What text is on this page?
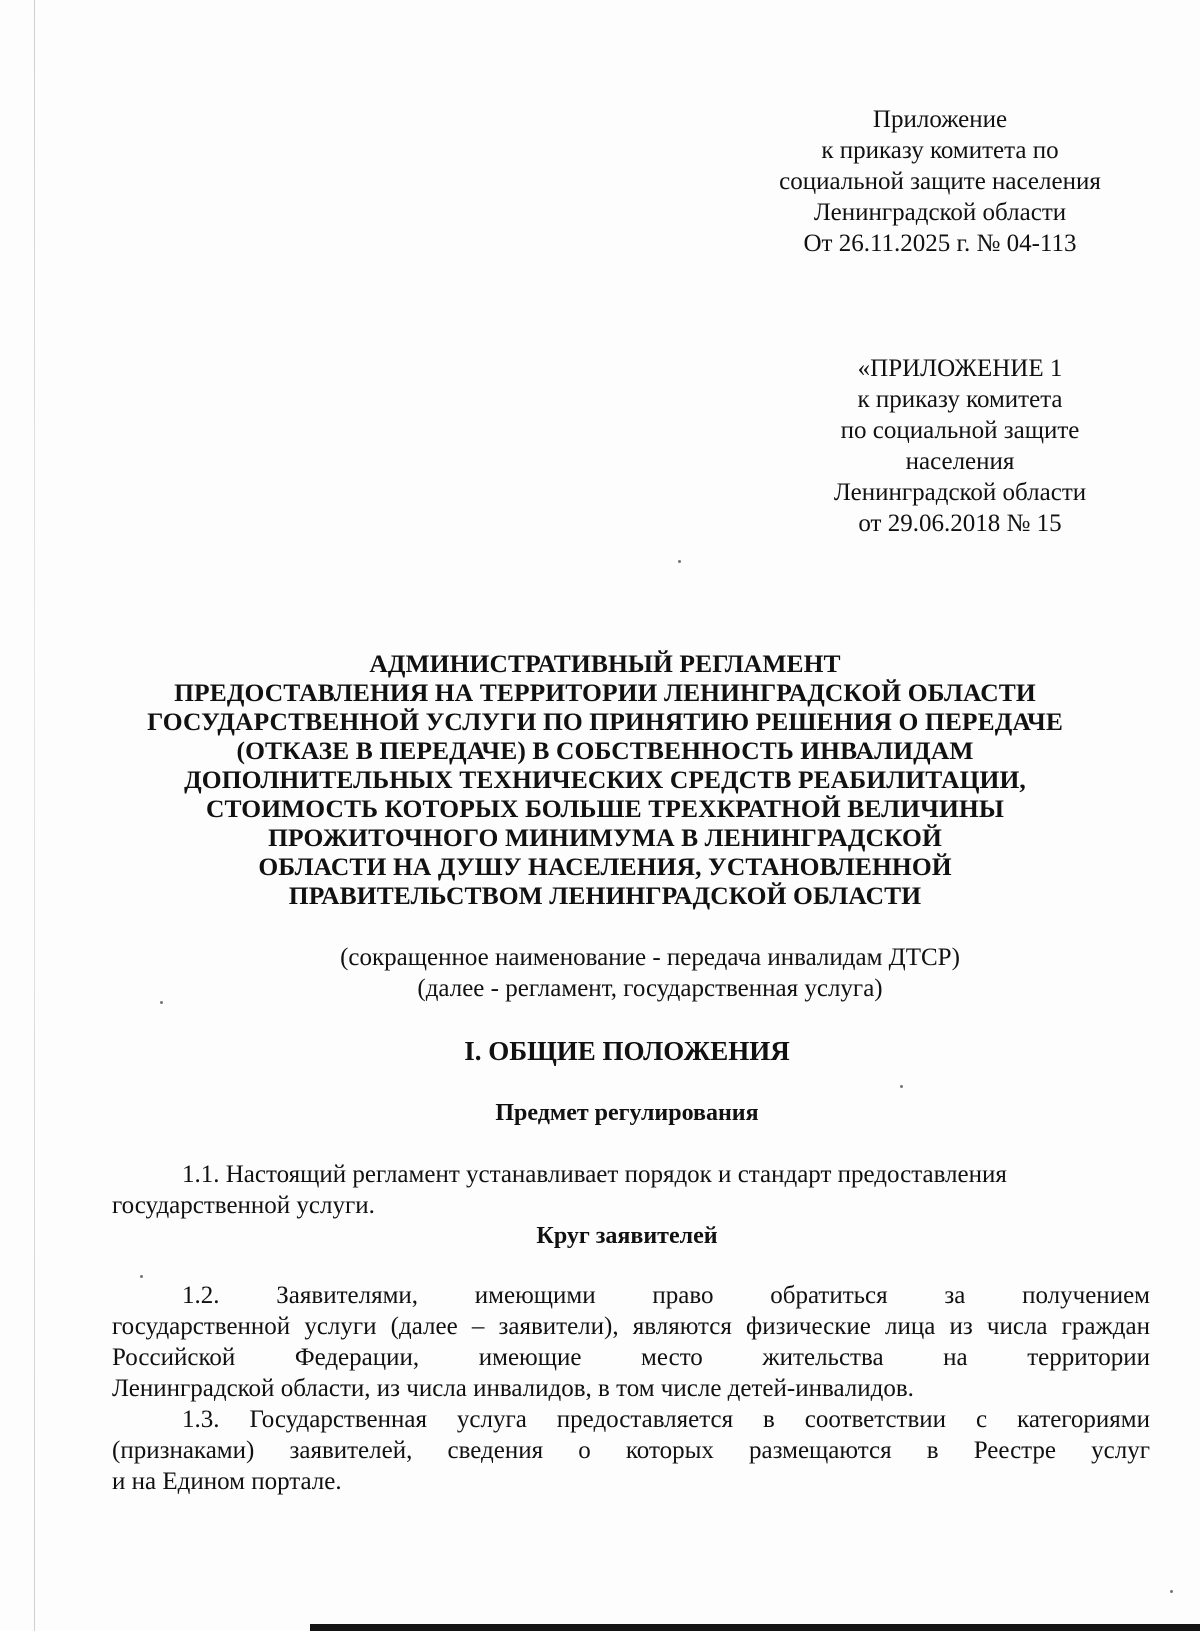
Приложение
к приказу комитета по
социальной защите населения
Ленинградской области
От 26.11.2025 г. № 04-113
«ПРИЛОЖЕНИЕ 1
к приказу комитета
по социальной защите
населения
Ленинградской области
от 29.06.2018 № 15
АДМИНИСТРАТИВНЫЙ РЕГЛАМЕНТ
ПРЕДОСТАВЛЕНИЯ НА ТЕРРИТОРИИ ЛЕНИНГРАДСКОЙ ОБЛАСТИ
ГОСУДАРСТВЕННОЙ УСЛУГИ ПО ПРИНЯТИЮ РЕШЕНИЯ О ПЕРЕДАЧЕ
(ОТКАЗЕ В ПЕРЕДАЧЕ) В СОБСТВЕННОСТЬ ИНВАЛИДАМ
ДОПОЛНИТЕЛЬНЫХ ТЕХНИЧЕСКИХ СРЕДСТВ РЕАБИЛИТАЦИИ,
СТОИМОСТЬ КОТОРЫХ БОЛЬШЕ ТРЕХКРАТНОЙ ВЕЛИЧИНЫ
ПРОЖИТОЧНОГО МИНИМУМА В ЛЕНИНГРАДСКОЙ
ОБЛАСТИ НА ДУШУ НАСЕЛЕНИЯ, УСТАНОВЛЕННОЙ
ПРАВИТЕЛЬСТВОМ ЛЕНИНГРАДСКОЙ ОБЛАСТИ
(сокращенное наименование - передача инвалидам ДТСР)
(далее - регламент, государственная услуга)
I. ОБЩИЕ ПОЛОЖЕНИЯ
Предмет регулирования
1.1. Настоящий регламент устанавливает порядок и стандарт предоставления
государственной услуги.
Круг заявителей
1.2. Заявителями, имеющими право обратиться за получением
государственной услуги (далее – заявители), являются физические лица из числа граждан Российской Федерации, имеющие место жительства на территории
Ленинградской области, из числа инвалидов, в том числе детей-инвалидов.
1.3. Государственная услуга предоставляется в соответствии с категориями
(признаками) заявителей, сведения о которых размещаются в Реестре услуг
и на Едином портале.
